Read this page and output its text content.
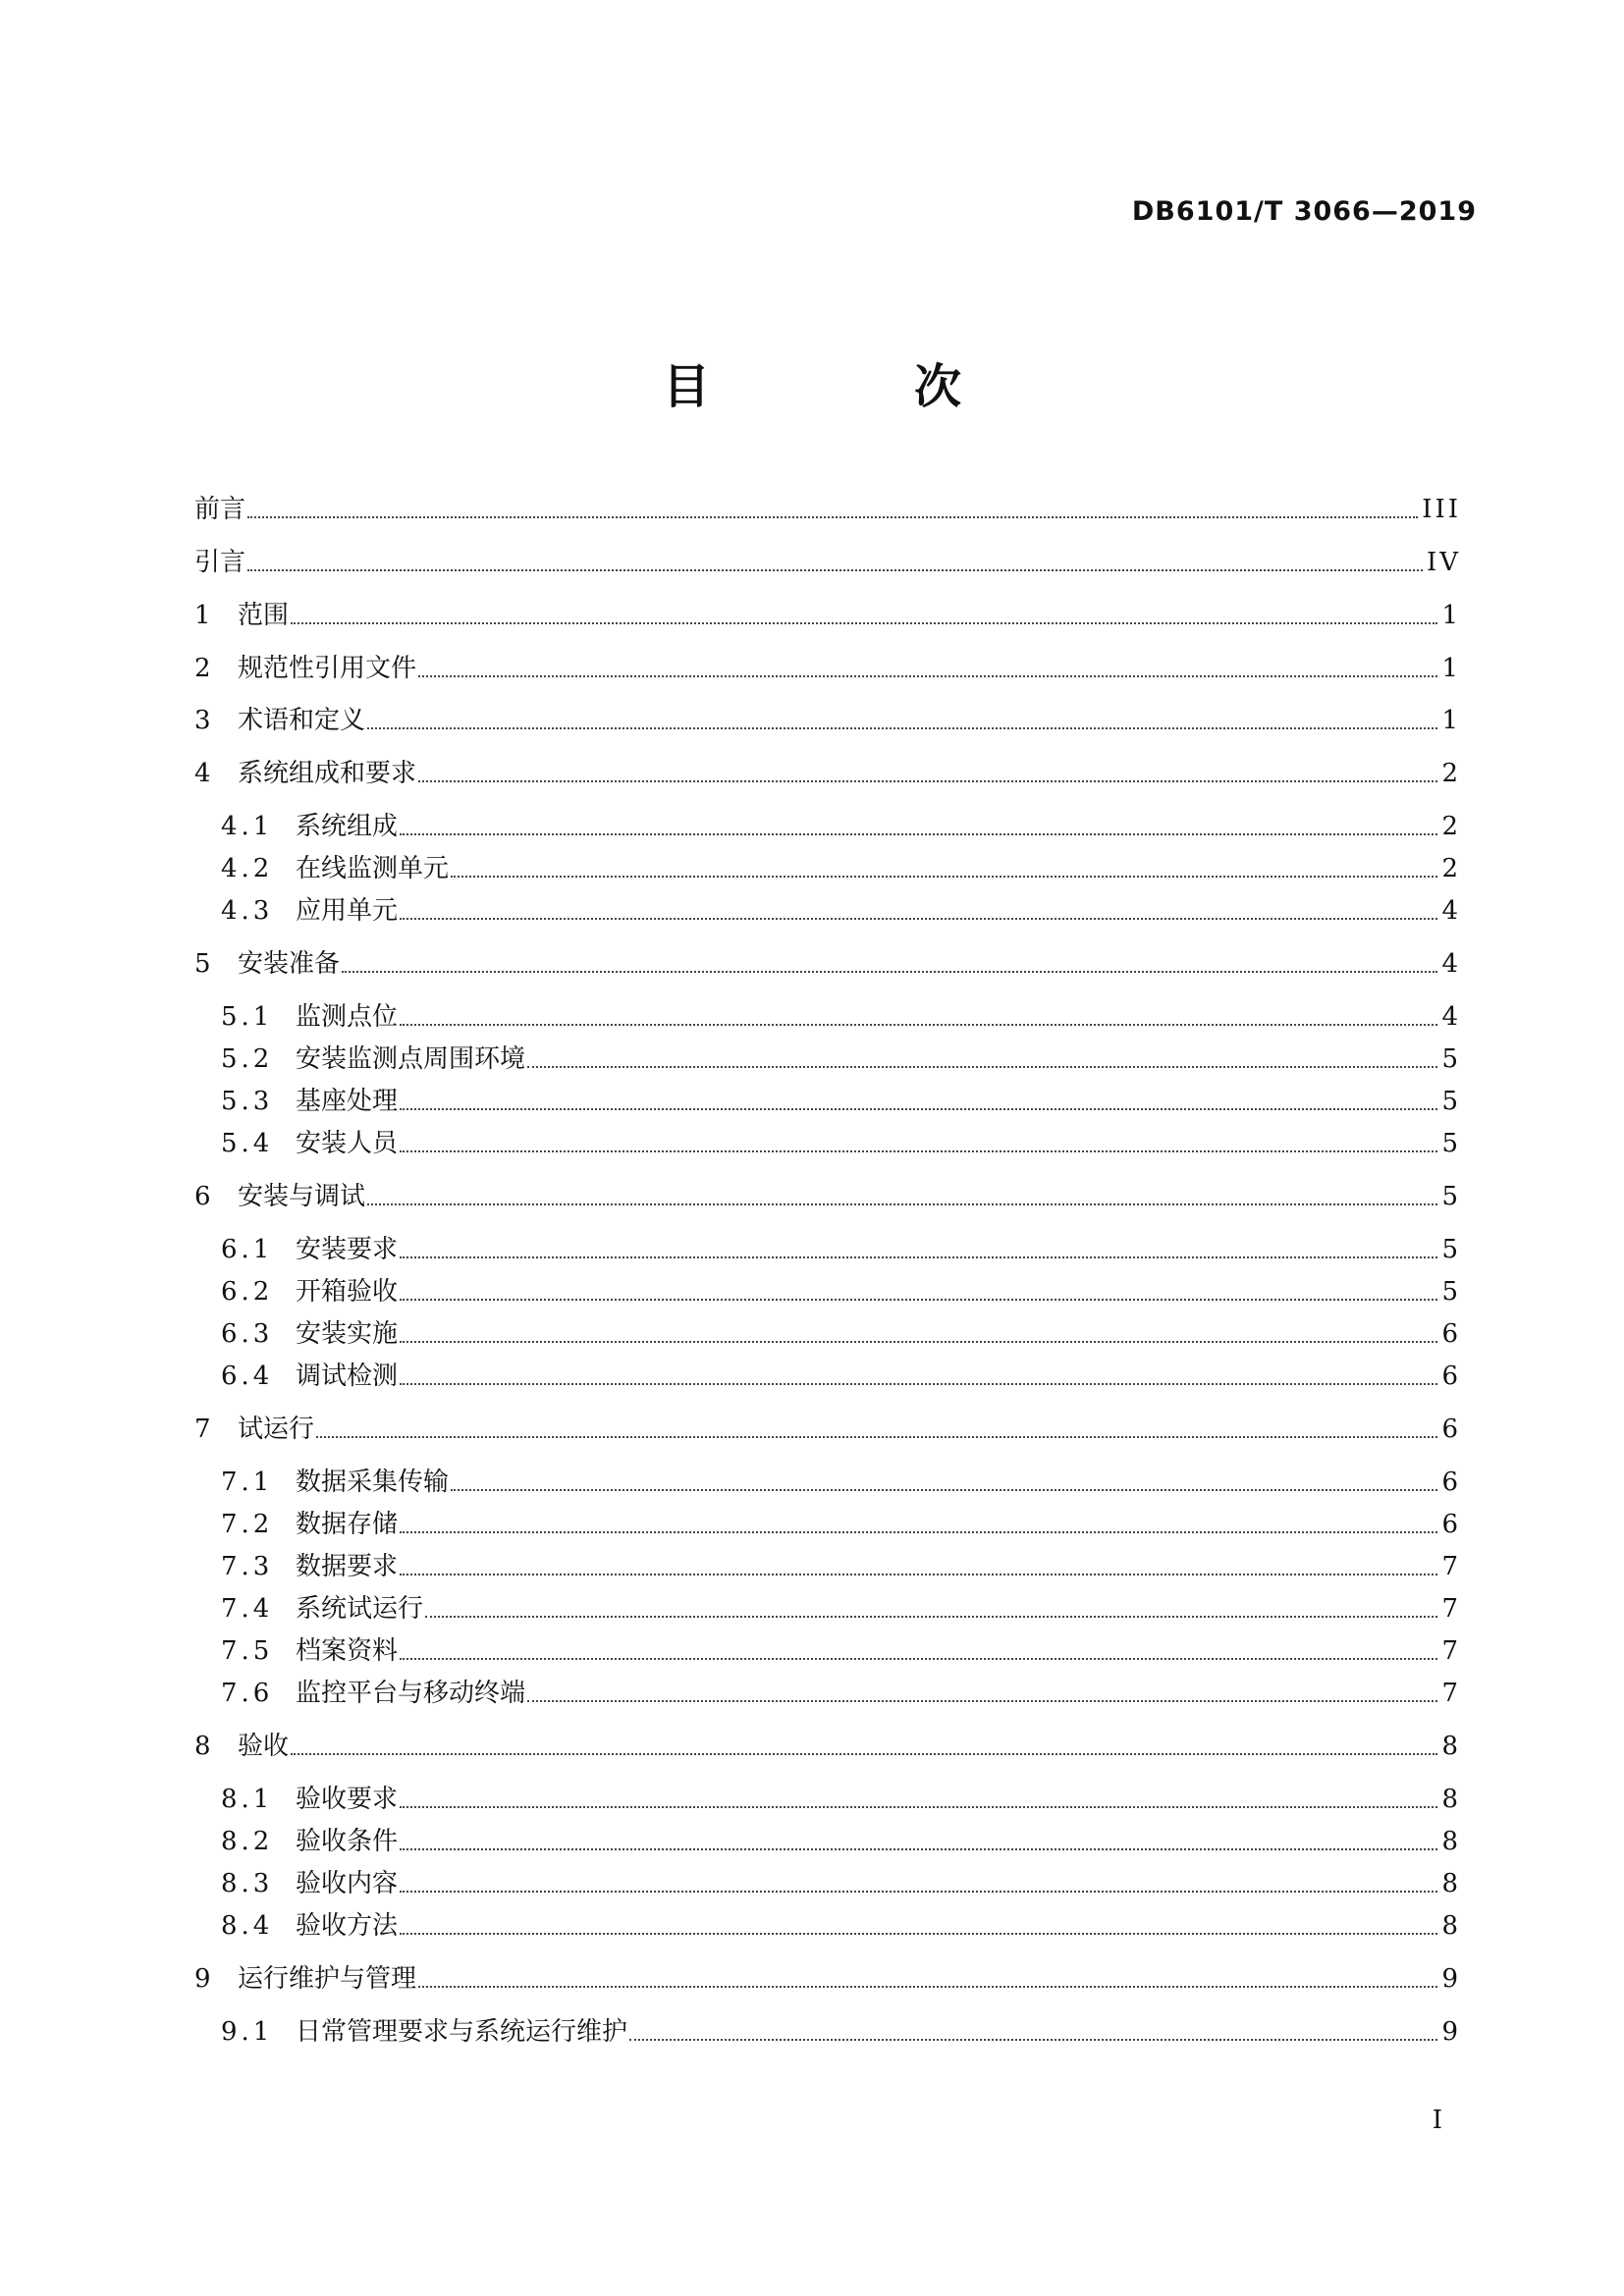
DB6101/T 3066—2019
目　次
前言	III
引言	IV
1	范围	1
2	规范性引用文件	1
3	术语和定义	1
4	系统组成和要求	2
4.1 系统组成	2
4.2 在线监测单元	2
4.3 应用单元	4
5	安装准备	4
5.1 监测点位	4
5.2 安装监测点周围环境	5
5.3 基座处理	5
5.4 安装人员	5
6	安装与调试	5
6.1 安装要求	5
6.2 开箱验收	5
6.3 安装实施	6
6.4 调试检测	6
7	试运行	6
7.1 数据采集传输	6
7.2 数据存储	6
7.3 数据要求	7
7.4 系统试运行	7
7.5 档案资料	7
7.6 监控平台与移动终端	7
8	验收	8
8.1 验收要求	8
8.2 验收条件	8
8.3 验收内容	8
8.4 验收方法	8
9	运行维护与管理	9
9.1 日常管理要求与系统运行维护	9
I
